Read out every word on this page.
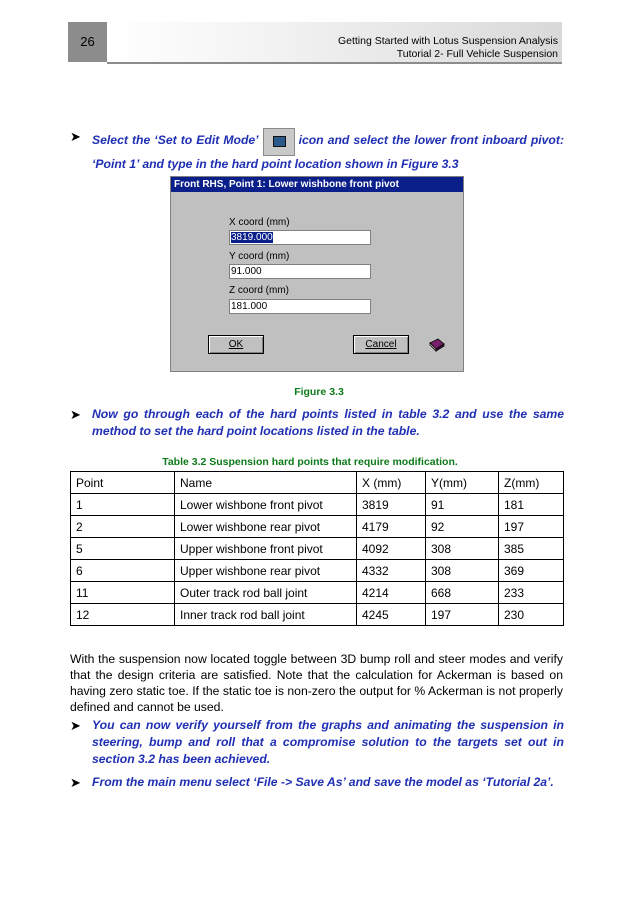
26	Getting Started with Lotus Suspension Analysis
Tutorial 2- Full Vehicle Suspension
➤ Select the ‘Set to Edit Mode’	icon and select the lower front inboard pivot: ‘Point 1’ and type in the hard point location shown in Figure 3.3
Front RHS, Point 1: Lower wishbone front pivot
X coord (mm)
3819.000
Y coord (mm)
91.000
Z coord (mm)
181.000
OK	Cancel
Figure 3.3
➤ Now go through each of the hard points listed in table 3.2 and use the same method to set the hard point locations listed in the table.
Table 3.2 Suspension hard points that require modification.
Point	Name	X (mm)	Y(mm)	Z(mm)
1	Lower wishbone front pivot	3819	91	181
2	Lower wishbone rear pivot	4179	92	197
5	Upper wishbone front pivot	4092	308	385
6	Upper wishbone rear pivot	4332	308	369
11	Outer track rod ball joint	4214	668	233
12	Inner track rod ball joint	4245	197	230
With the suspension now located toggle between 3D bump roll and steer modes and verify that the design criteria are satisfied. Note that the calculation for Ackerman is based on having zero static toe. If the static toe is non-zero the output for % Ackerman is not properly defined and cannot be used.
➤ You can now verify yourself from the graphs and animating the suspension in steering, bump and roll that a compromise solution to the targets set out in section 3.2 has been achieved.
➤ From the main menu select ‘File -> Save As’ and save the model as ‘Tutorial 2a’.
